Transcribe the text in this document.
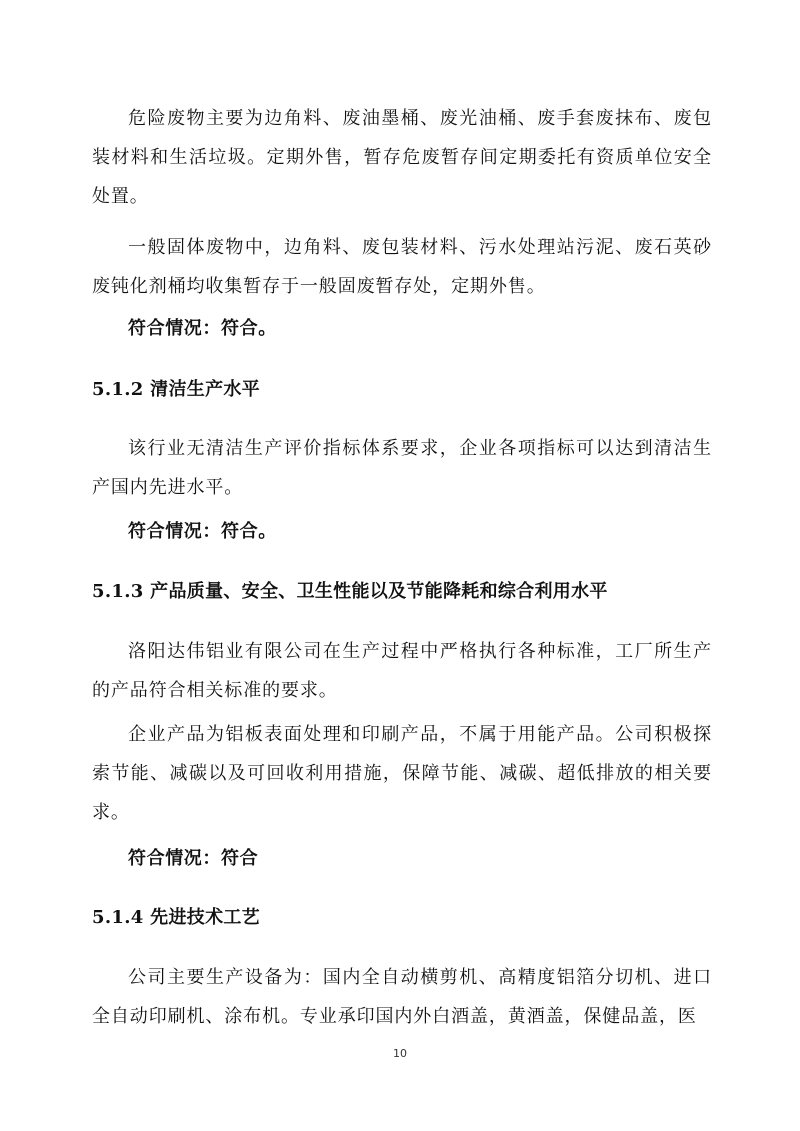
危险废物主要为边角料、废油墨桶、废光油桶、废手套废抹布、废包装材料和生活垃圾。定期外售，暂存危废暂存间定期委托有资质单位安全处置。

一般固体废物中，边角料、废包装材料、污水处理站污泥、废石英砂废钝化剂桶均收集暂存于一般固废暂存处，定期外售。

符合情况：符合。

5.1.2 清洁生产水平

该行业无清洁生产评价指标体系要求，企业各项指标可以达到清洁生产国内先进水平。

符合情况：符合。

5.1.3 产品质量、安全、卫生性能以及节能降耗和综合利用水平

洛阳达伟铝业有限公司在生产过程中严格执行各种标准，工厂所生产的产品符合相关标准的要求。

企业产品为铝板表面处理和印刷产品，不属于用能产品。公司积极探索节能、减碳以及可回收利用措施，保障节能、减碳、超低排放的相关要求。

符合情况：符合

5.1.4 先进技术工艺

公司主要生产设备为：国内全自动横剪机、高精度铝箔分切机、进口全自动印刷机、涂布机。专业承印国内外白酒盖，黄酒盖，保健品盖，医

10
